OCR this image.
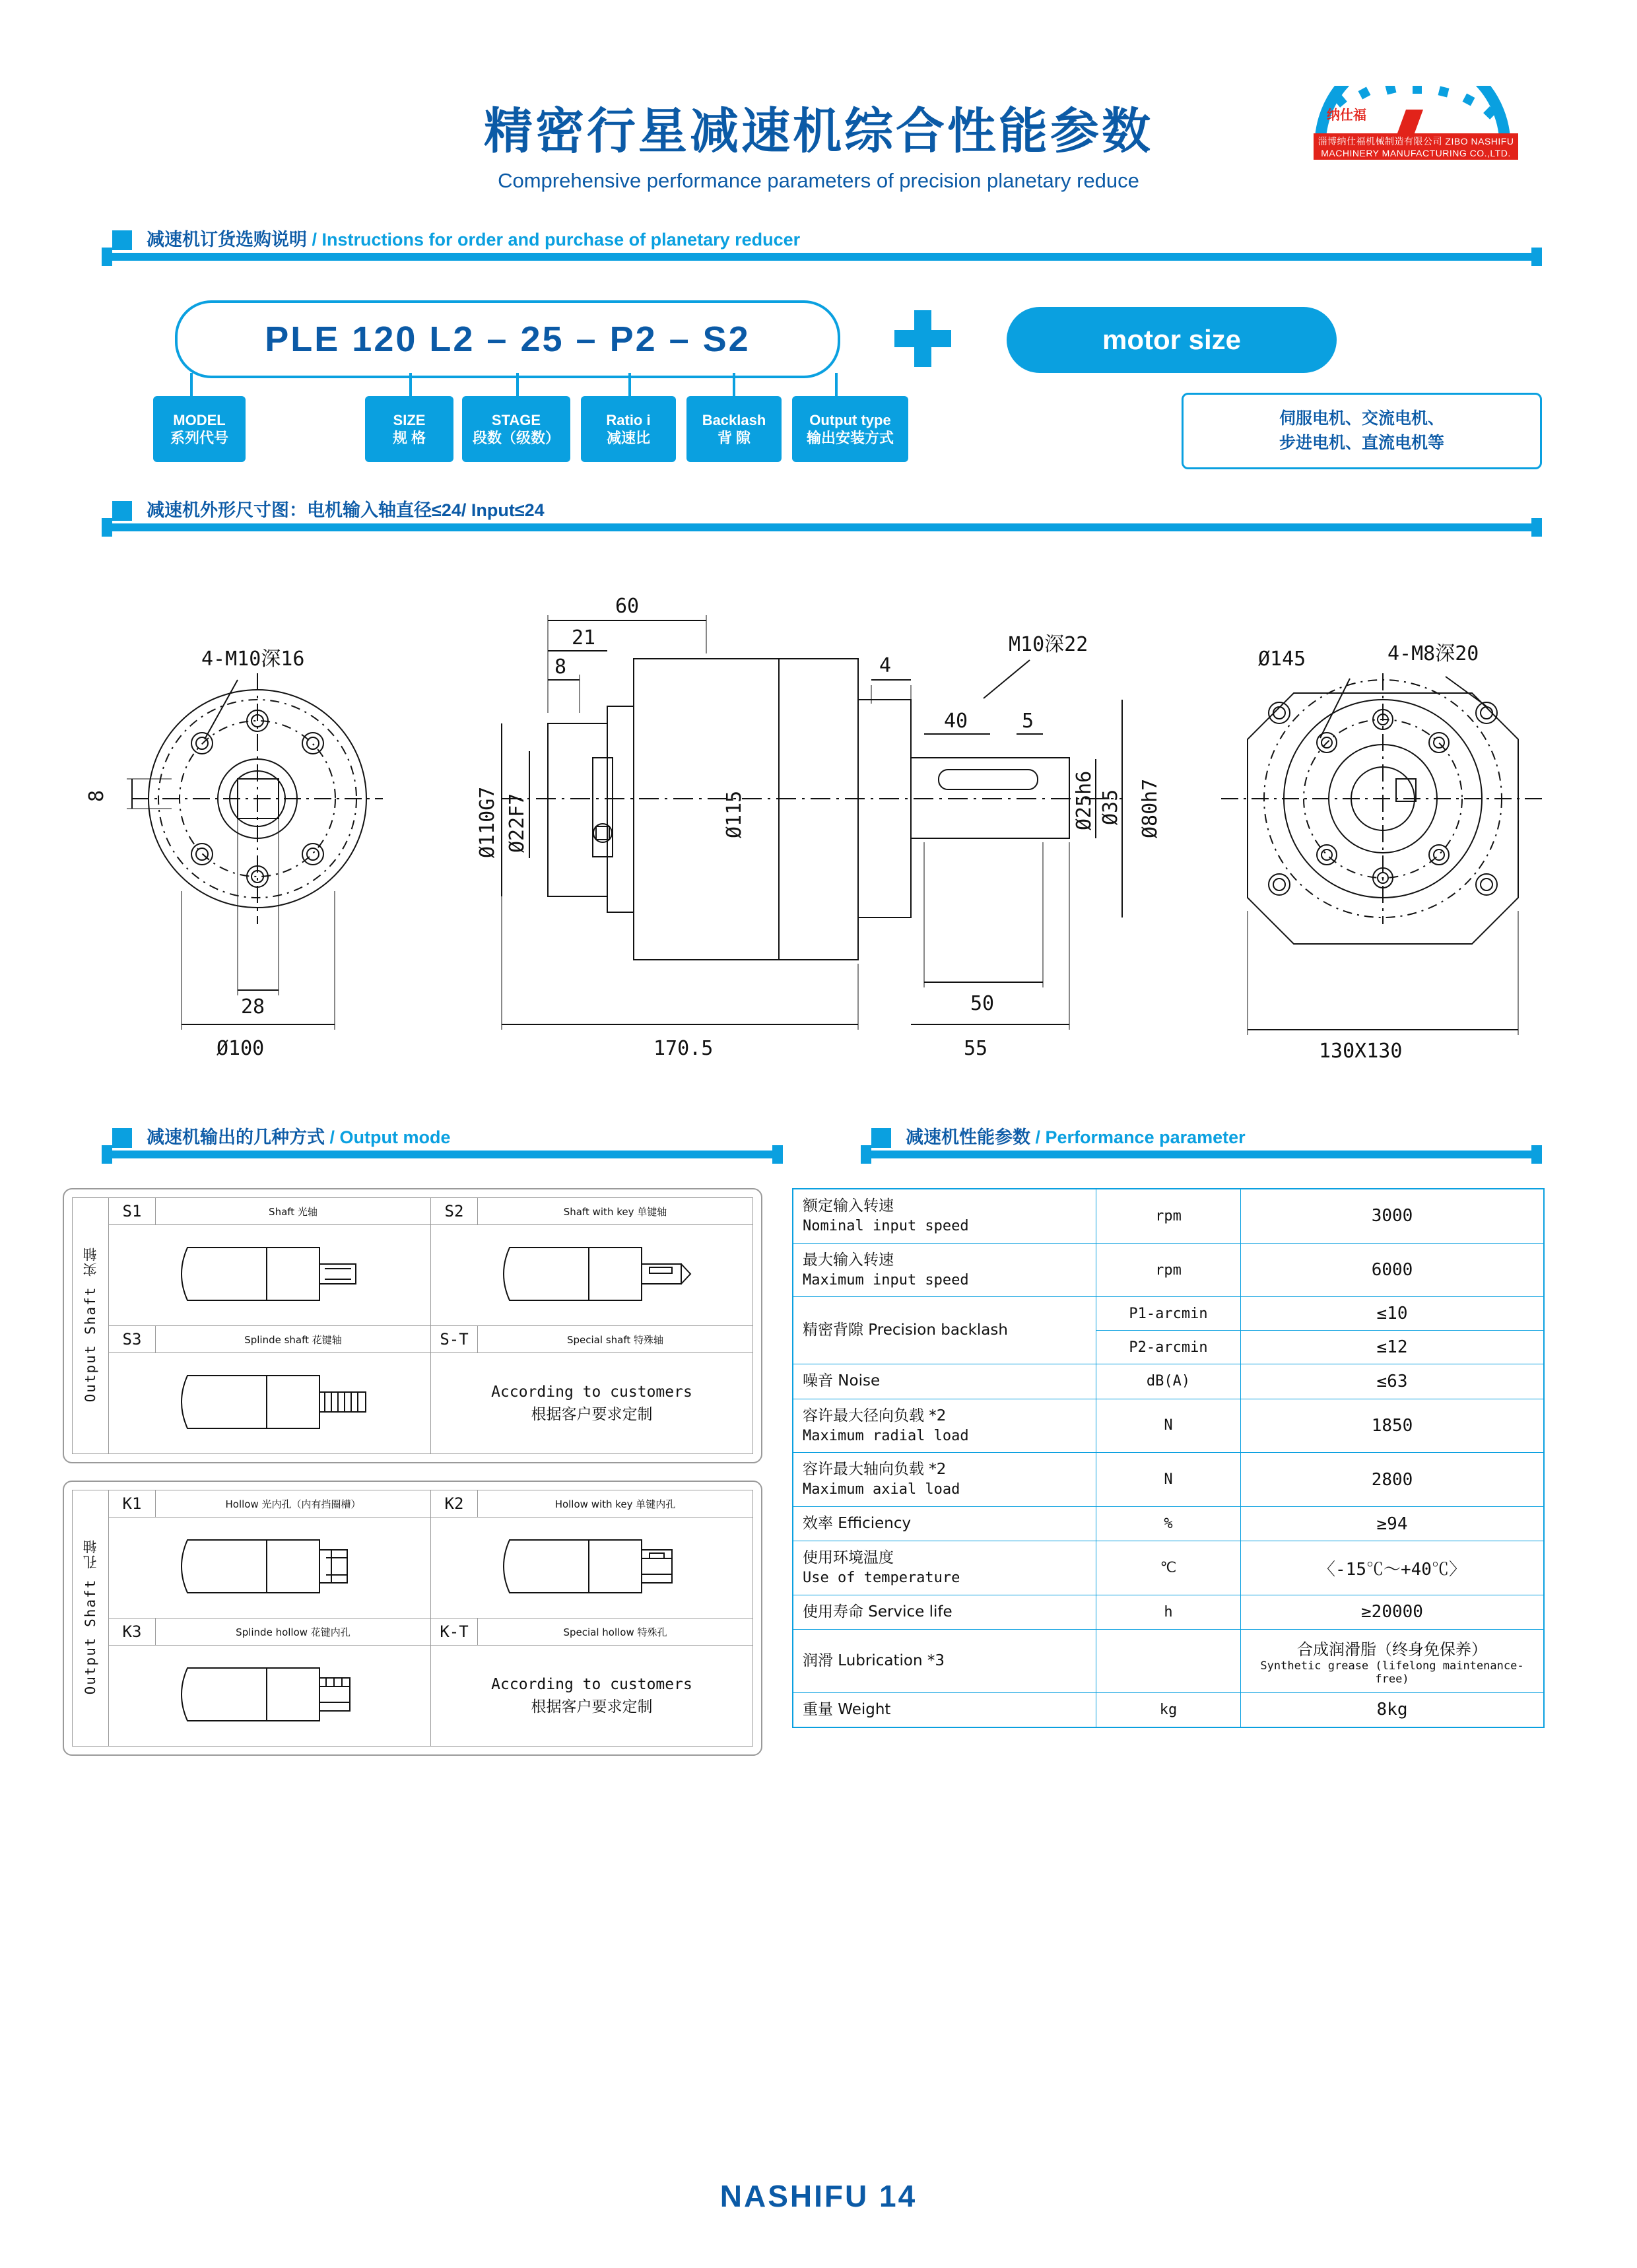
精密行星减速机综合性能参数
Comprehensive performance parameters of precision planetary reduce
纳仕福
淄博纳仕福机械制造有限公司 ZIBO NASHIFU MACHINERY MANUFACTURING CO.,LTD.
减速机订货选购说明 / Instructions for order and purchase of planetary reducer
PLE 120 L2 – 25 – P2 – S2	motor size
MODEL
系列代号
SIZE
规 格
STAGE
段数（级数）
Ratio i
减速比
Backlash
背 隙
Output type
输出安装方式
伺服电机、交流电机、
步进电机、直流电机等
减速机外形尺寸图：电机输入轴直径≤24/ Input≤24
4-M10深16
28
Ø100
8
60
21
8	4
40	5
50
55
170.5
Ø110G7 Ø22F7	Ø115	Ø25h6 Ø35 Ø80h7
M10深22
Ø145	4-M8深20
130X130
减速机输出的几种方式 / Output mode	减速机性能参数 / Performance parameter
Output Shaft 实轴	S1	Shaft 光轴	S2	Shaft with key 单键轴

	S3	Splinde shaft 花键轴	S-T	Special shaft 特殊轴

According to customers
根据客户要求定制	
Output Shaft 孔轴	K1	Hollow 光内孔（内有挡圈槽）	K2	Hollow with key 单键内孔

	K3	Splinde hollow 花键内孔	K-T	Special hollow 特殊孔

According to customers
根据客户要求定制	
额定输入转速
Nominal input speed	rpm	3000

最大输入转速
Maximum input speed	rpm	6000
精密背隙 Precision backlash	P1-arcmin	≤10
	P2-arcmin	≤12
噪音 Noise	dB(A)	≤63

容许最大径向负载 *2
Maximum radial load	N	1850

容许最大轴向负载 *2
Maximum axial load	N	2800
效率 Efficiency	%	≥94

使用环境温度
Use of temperature	℃	〈-15℃～+40℃〉
使用寿命 Service life	h	≥20000
润滑 Lubrication *3		合成润滑脂（终身免保养）
Synthetic grease (lifelong maintenance-free)

重量 Weight	kg	8kg
NASHIFU 14
